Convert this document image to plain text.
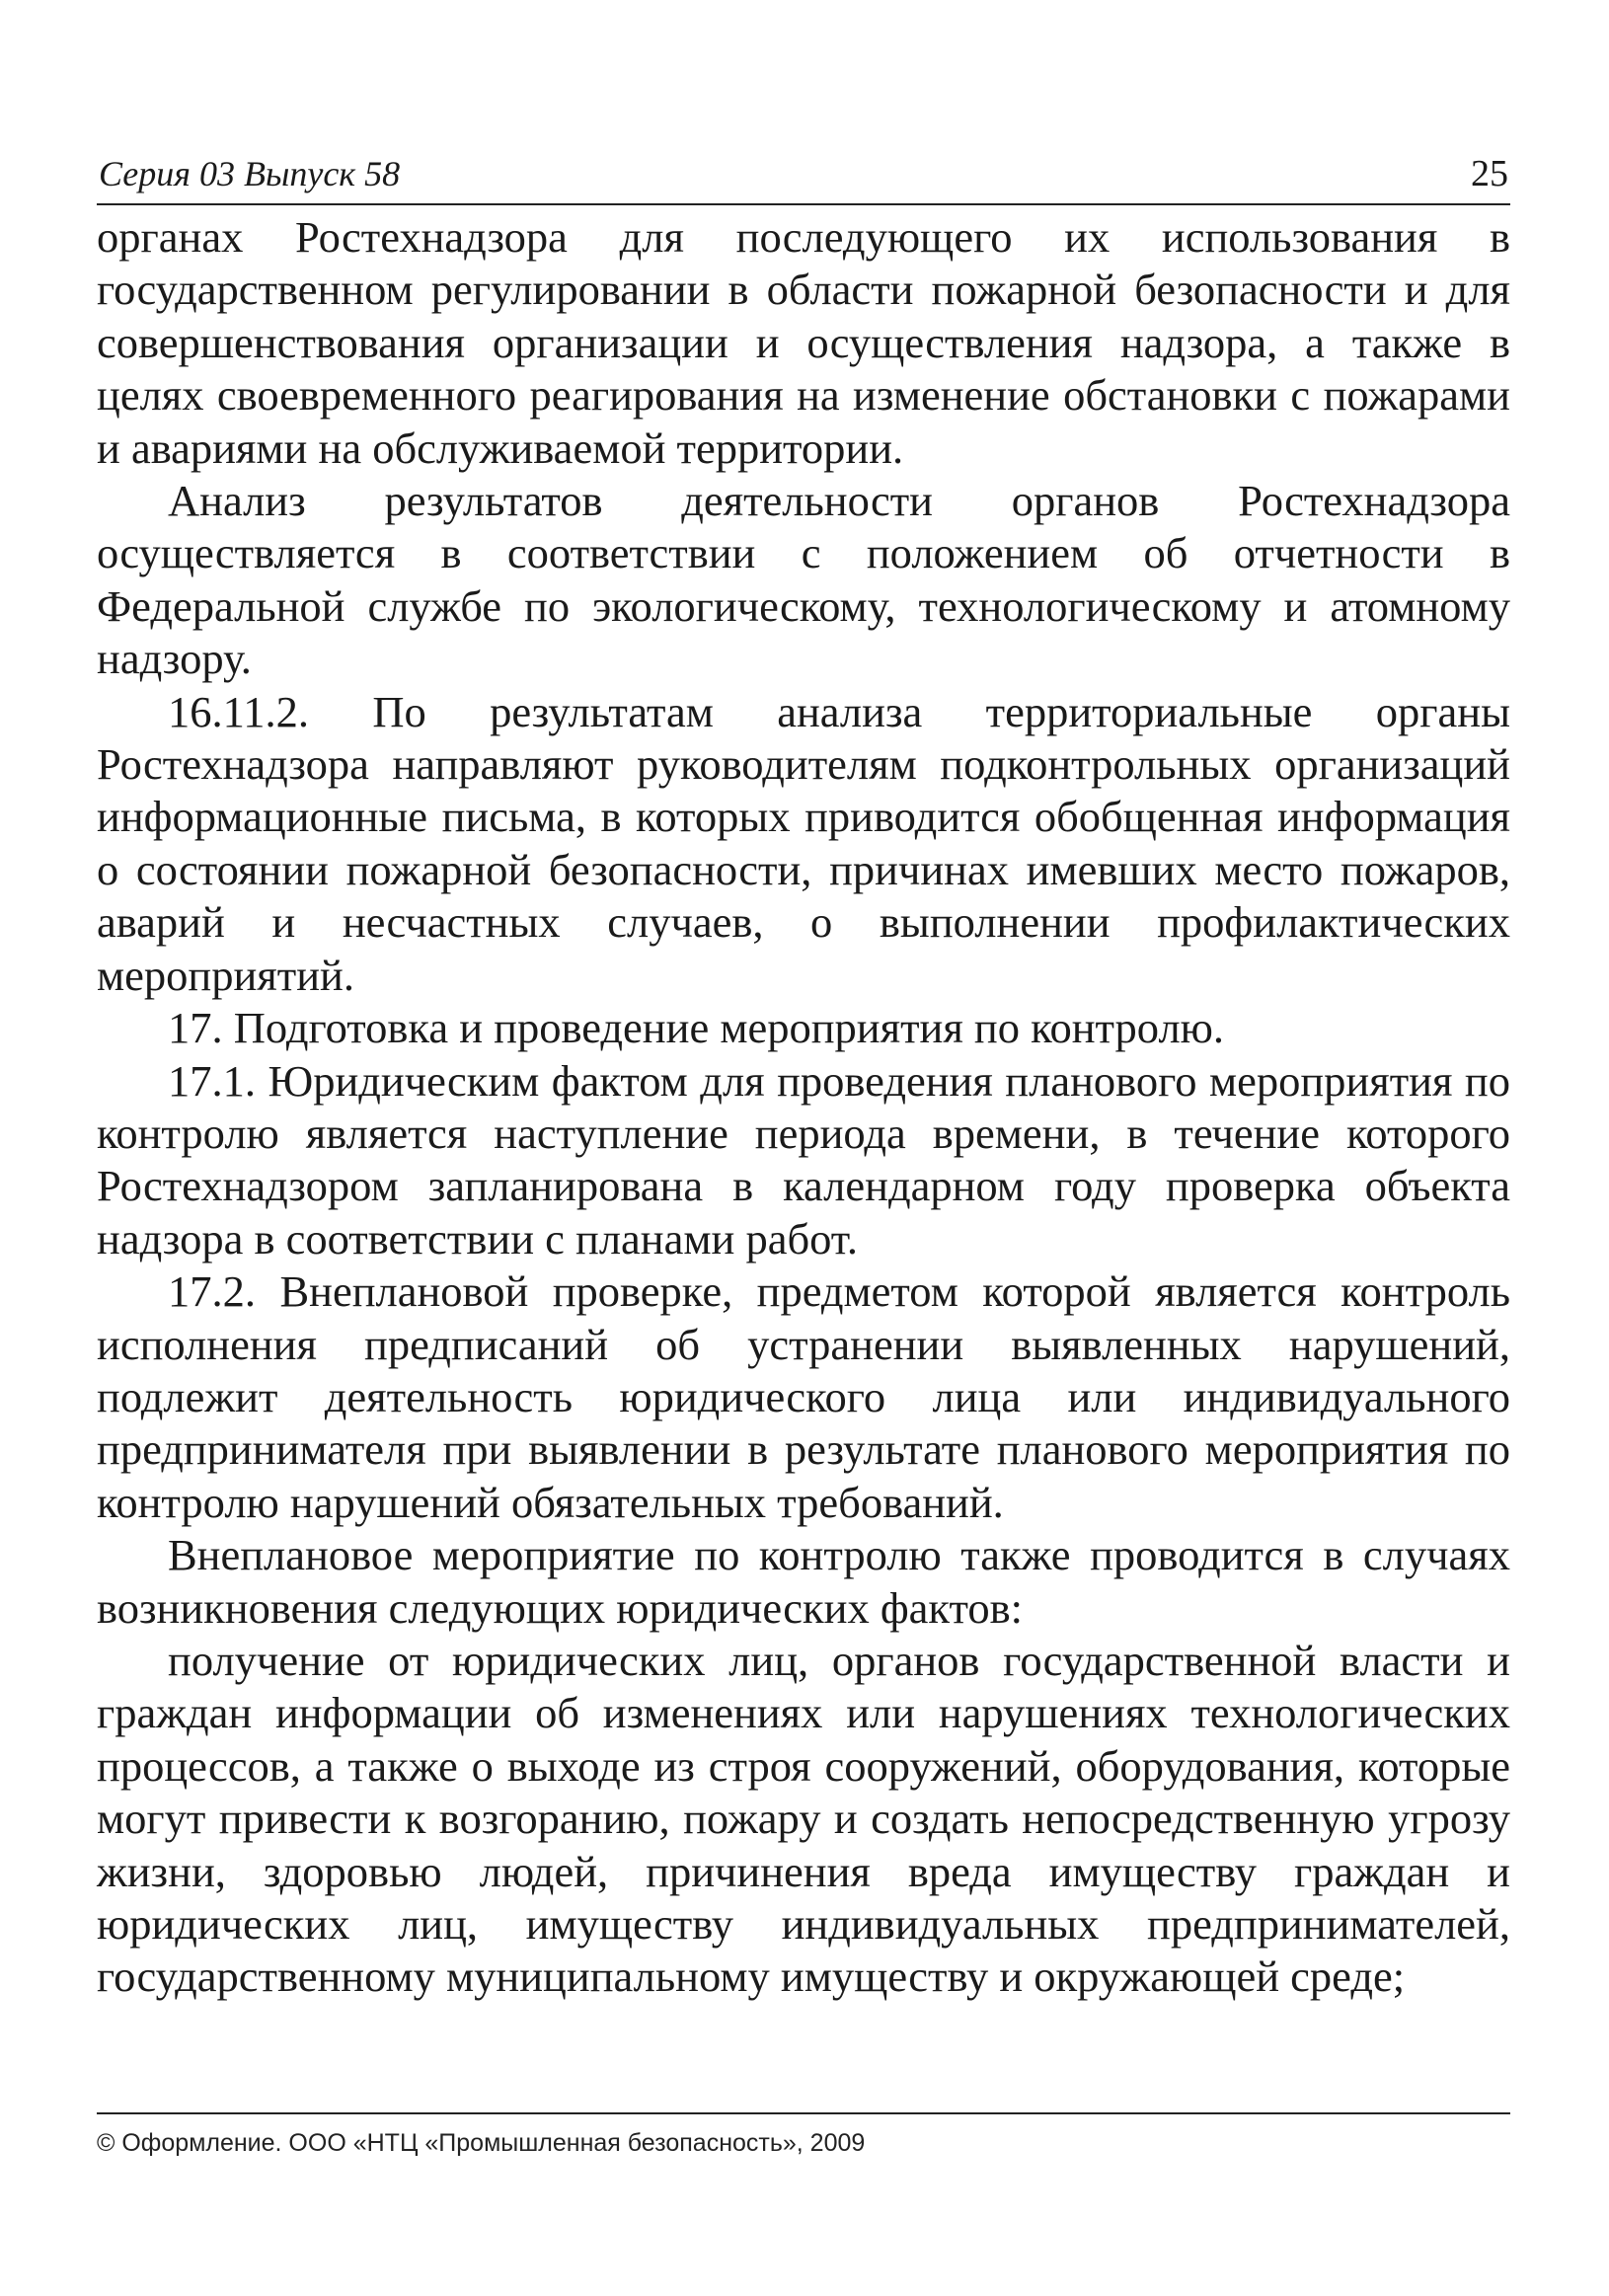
Серия 03 Выпуск 58	25

органах Ростехнадзора для последующего их использования в государственном регулировании в области пожарной безопасности и для совершенствования организации и осуществления надзора, а также в целях своевременного реагирования на изменение обстановки с пожарами и авариями на обслуживаемой территории.

Анализ результатов деятельности органов Ростехнадзора осуществляется в соответствии с положением об отчетности в Федеральной службе по экологическому, технологическому и атомному надзору.

16.11.2. По результатам анализа территориальные органы Ростехнадзора направляют руководителям подконтрольных организаций информационные письма, в которых приводится обобщенная информация о состоянии пожарной безопасности, причинах имевших место пожаров, аварий и несчастных случаев, о выполнении профилактических мероприятий.

17. Подготовка и проведение мероприятия по контролю.

17.1. Юридическим фактом для проведения планового мероприятия по контролю является наступление периода времени, в течение которого Ростехнадзором запланирована в календарном году проверка объекта надзора в соответствии с планами работ.

17.2. Внеплановой проверке, предметом которой является контроль исполнения предписаний об устранении выявленных нарушений, подлежит деятельность юридического лица или индивидуального предпринимателя при выявлении в результате планового мероприятия по контролю нарушений обязательных требований.

Внеплановое мероприятие по контролю также проводится в случаях возникновения следующих юридических фактов:

получение от юридических лиц, органов государственной власти и граждан информации об изменениях или нарушениях технологических процессов, а также о выходе из строя сооружений, оборудования, которые могут привести к возгоранию, пожару и создать непосредственную угрозу жизни, здоровью людей, причинения вреда имуществу граждан и юридических лиц, имуществу индивидуальных предпринимателей, государственному муниципальному имуществу и окружающей среде;

© Оформление. ООО «НТЦ «Промышленная безопасность», 2009
